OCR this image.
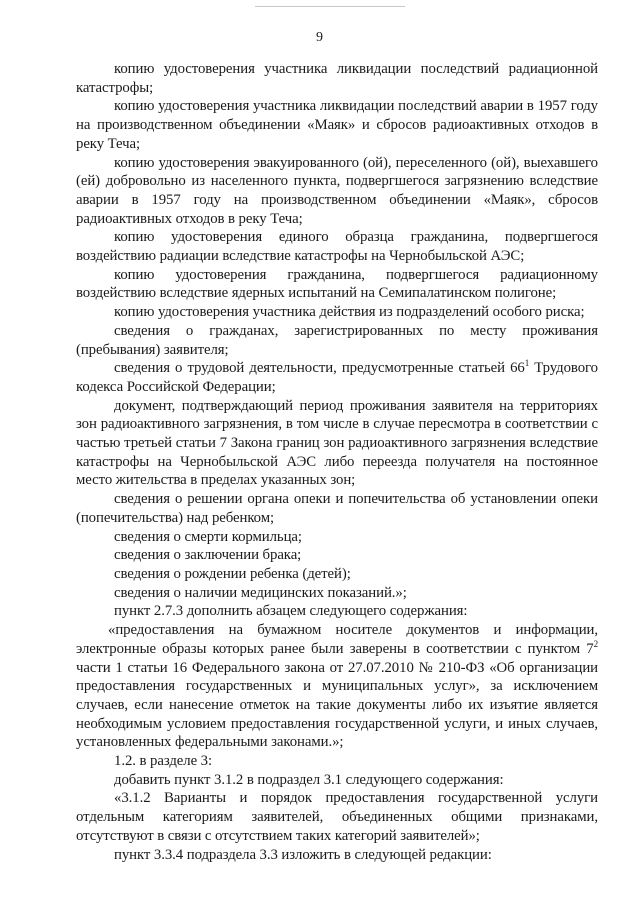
9

копию удостоверения участника ликвидации последствий радиационной катастрофы;

копию удостоверения участника ликвидации последствий аварии в 1957 году на производственном объединении «Маяк» и сбросов радиоактивных отходов в реку Теча;

копию удостоверения эвакуированного (ой), переселенного (ой), выехавшего (ей) добровольно из населенного пункта, подвергшегося загрязнению вследствие аварии в 1957 году на производственном объединении «Маяк», сбросов радиоактивных отходов в реку Теча;

копию удостоверения единого образца гражданина, подвергшегося воздействию радиации вследствие катастрофы на Чернобыльской АЭС;

копию удостоверения гражданина, подвергшегося радиационному воздействию вследствие ядерных испытаний на Семипалатинском полигоне;

копию удостоверения участника действия из подразделений особого риска;

сведения о гражданах, зарегистрированных по месту проживания (пребывания) заявителя;

сведения о трудовой деятельности, предусмотренные статьей $66^1$ Трудового кодекса Российской Федерации;

документ, подтверждающий период проживания заявителя на территориях зон радиоактивного загрязнения, в том числе в случае пересмотра в соответствии с частью третьей статьи 7 Закона границ зон радиоактивного загрязнения вследствие катастрофы на Чернобыльской АЭС либо переезда получателя на постоянное место жительства в пределах указанных зон;

сведения о решении органа опеки и попечительства об установлении опеки (попечительства) над ребенком;

сведения о смерти кормильца;

сведения о заключении брака;

сведения о рождении ребенка (детей);

сведения о наличии медицинских показаний.»;

пункт 2.7.3 дополнить абзацем следующего содержания:

«предоставления на бумажном носителе документов и информации, электронные образы которых ранее были заверены в соответствии с пунктом $7^2$ части 1 статьи 16 Федерального закона от 27.07.2010 № 210-ФЗ «Об организации предоставления государственных и муниципальных услуг», за исключением случаев, если нанесение отметок на такие документы либо их изъятие является необходимым условием предоставления государственной услуги, и иных случаев, установленных федеральными законами.»;

1.2. в разделе 3:

добавить пункт 3.1.2 в подраздел 3.1 следующего содержания:

«3.1.2 Варианты и порядок предоставления государственной услуги отдельным категориям заявителей, объединенных общими признаками, отсутствуют в связи с отсутствием таких категорий заявителей»;

пункт 3.3.4 подраздела 3.3 изложить в следующей редакции:
